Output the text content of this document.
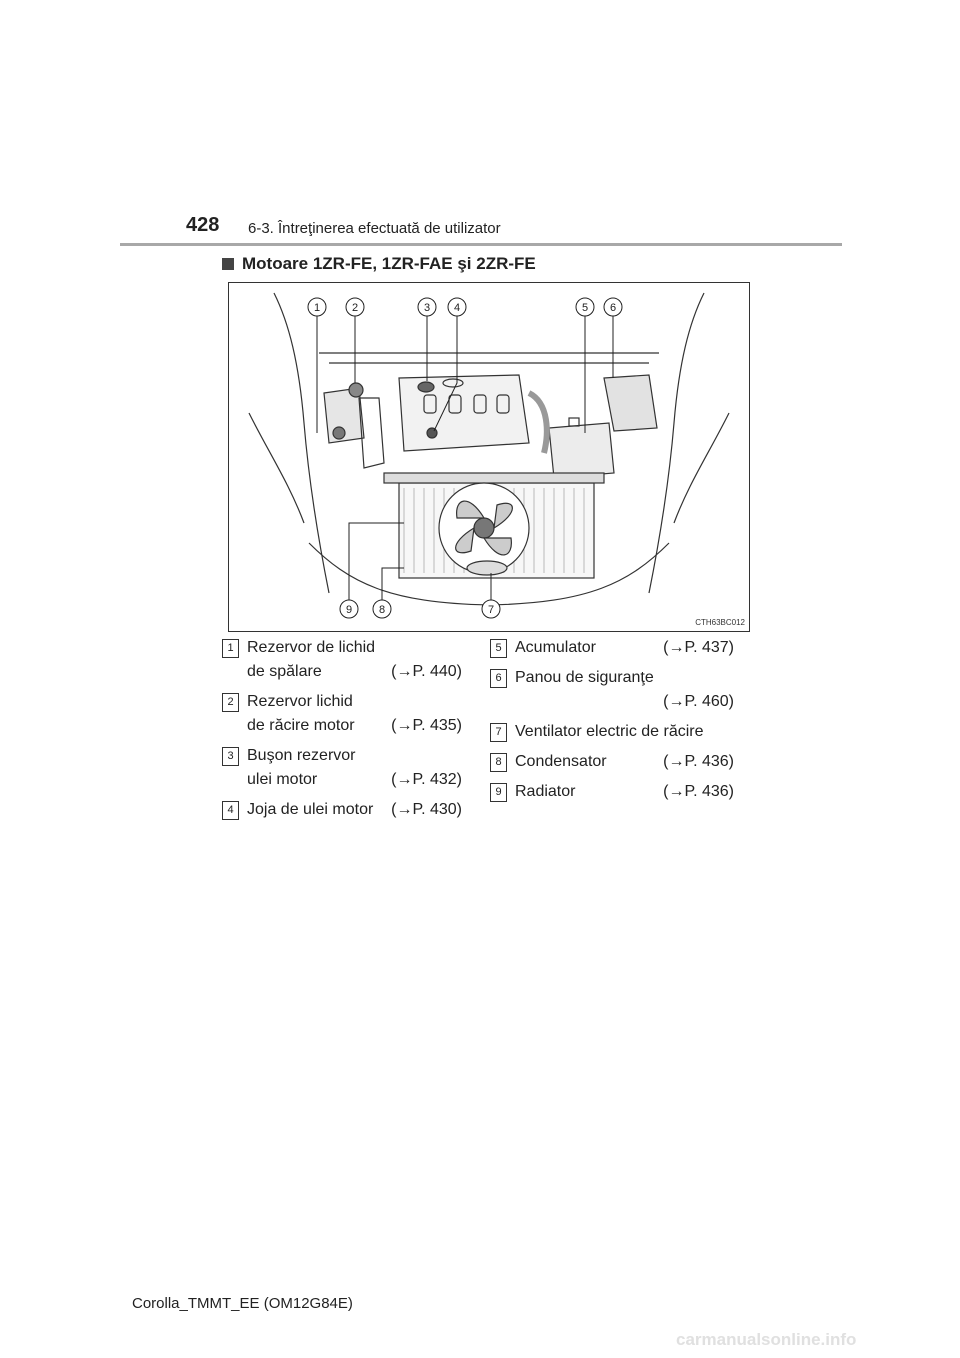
428 6-3. Întreţinerea efectuată de utilizator
Motoare 1ZR-FE, 1ZR-FAE şi 2ZR-FE
1	2	3 4	5 6
7
8
9
CTH63BC012
1 Rezervor de lichid
de spălare	(→P. 440)
2 Rezervor lichid
de răcire motor (→P. 435)
3 Buşon rezervor
ulei motor	(→P. 432)
4 Joja de ulei motor (→P. 430)
5 Acumulator	(→P. 437)
6 Panou de siguranţe
(→P. 460)
7 Ventilator electric de răcire
8 Condensator	(→P. 436)
9 Radiator	(→P. 436)
Corolla_TMMT_EE (OM12G84E)
carmanualsonline.info
